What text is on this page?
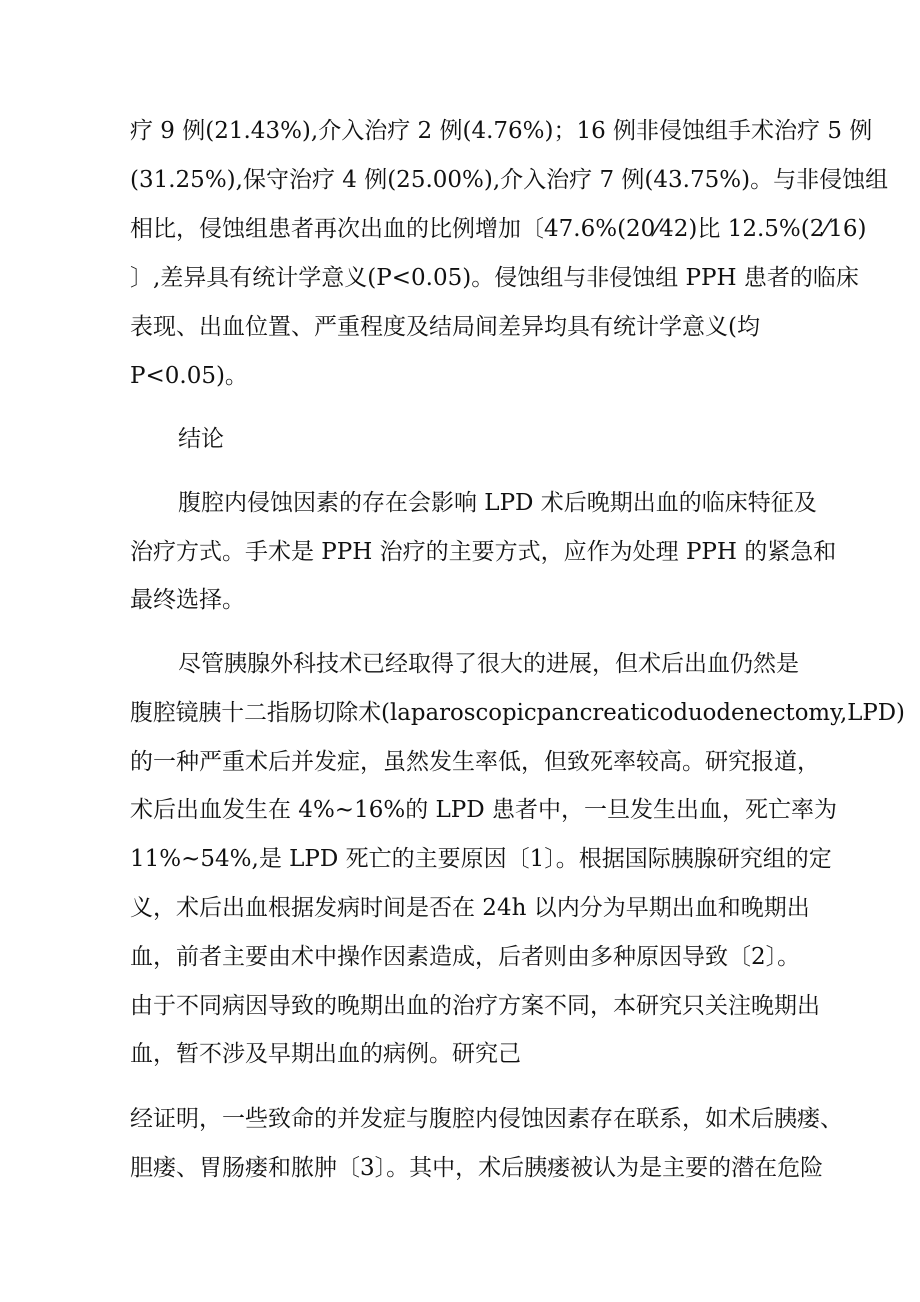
疗 9 例(21.43%),介入治疗 2 例(4.76%)；16 例非侵蚀组手术治疗 5 例
(31.25%),保守治疗 4 例(25.00%),介入治疗 7 例(43.75%)。与非侵蚀组
相比，侵蚀组患者再次出血的比例增加〔47.6%(20⁄42)比 12.5%(2⁄16)
〕,差异具有统计学意义(P<0.05)。侵蚀组与非侵蚀组 PPH 患者的临床
表现、出血位置、严重程度及结局间差异均具有统计学意义(均
P<0.05)。
结论
腹腔内侵蚀因素的存在会影响 LPD 术后晚期出血的临床特征及
治疗方式。手术是 PPH 治疗的主要方式，应作为处理 PPH 的紧急和
最终选择。
尽管胰腺外科技术已经取得了很大的进展，但术后出血仍然是
腹腔镜胰十二指肠切除术(laparoscopicpancreaticoduodenectomy,LPD)
的一种严重术后并发症，虽然发生率低，但致死率较高。研究报道，
术后出血发生在 4%~16%的 LPD 患者中，一旦发生出血，死亡率为
11%~54%,是 LPD 死亡的主要原因〔1〕。根据国际胰腺研究组的定
义，术后出血根据发病时间是否在 24h 以内分为早期出血和晚期出
血，前者主要由术中操作因素造成，后者则由多种原因导致〔2〕。
由于不同病因导致的晚期出血的治疗方案不同，本研究只关注晚期出
血，暂不涉及早期出血的病例。研究己
经证明，一些致命的并发症与腹腔内侵蚀因素存在联系，如术后胰瘘、
胆瘘、胃肠瘘和脓肿〔3〕。其中，术后胰瘘被认为是主要的潜在危险
